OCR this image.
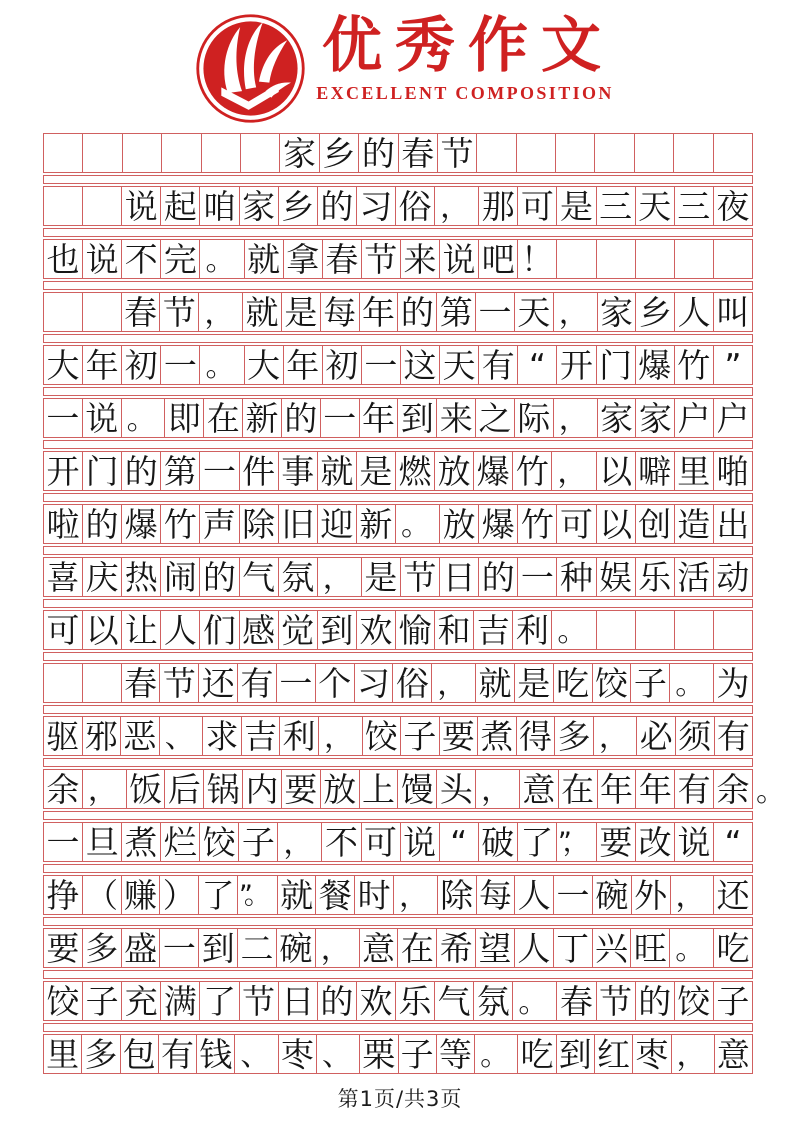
优秀作文
EXCELLENT COMPOSITION
家 乡 的 春 节
说 起 咱 家 乡 的 习 俗 ， 那 可 是 三 天 三 夜
也 说 不 完 。 就 拿 春 节 来 说 吧 ！
春 节 ， 就 是 每 年 的 第 一 天 ， 家 乡 人 叫
大 年 初 一 。 大 年 初 一 这 天 有 “ 开 门 爆 竹 ”
一 说 。 即 在 新 的 一 年 到 来 之 际 ， 家 家 户 户
开 门 的 第 一 件 事 就 是 燃 放 爆 竹 ， 以 噼 里 啪
啦 的 爆 竹 声 除 旧 迎 新 。 放 爆 竹 可 以 创 造 出
喜 庆 热 闹 的 气 氛 ， 是 节 日 的 一 种 娱 乐 活 动
可 以 让 人 们 感 觉 到 欢 愉 和 吉 利 。
春 节 还 有 一 个 习 俗 ， 就 是 吃 饺 子 。 为
驱 邪 恶 、 求 吉 利 ， 饺 子 要 煮 得 多 ， 必 须 有
余 ， 饭 后 锅 内 要 放 上 馒 头 ， 意 在 年 年 有 余 。
一 旦 煮 烂 饺 子 ， 不 可 说 “ 破 了 ”， 要 改 说 “
挣 （ 赚 ） 了 ”。 就 餐 时 ， 除 每 人 一 碗 外 ， 还
要 多 盛 一 到 二 碗 ， 意 在 希 望 人 丁 兴 旺 。 吃
饺 子 充 满 了 节 日 的 欢 乐 气 氛 。 春 节 的 饺 子
里 多 包 有 钱 、 枣 、 栗 子 等 。 吃 到 红 枣 ， 意
第1页/共3页
